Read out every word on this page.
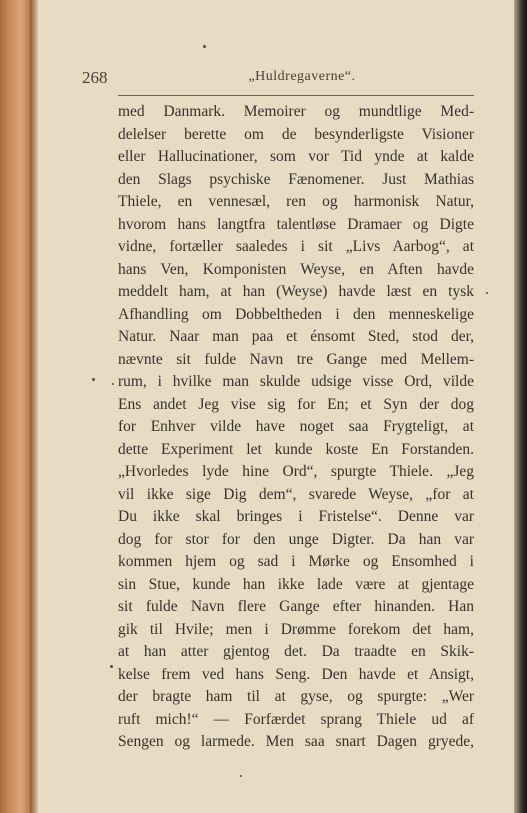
268	„Huldregaverne“.
med Danmark. Memoirer og mundtlige Med-
delelser berette om de besynderligste Visioner
eller Hallucinationer, som vor Tid ynde at kalde
den Slags psychiske Fænomener. Just Mathias
Thiele, en vennesæl, ren og harmonisk Natur,
hvorom hans langtfra talentløse Dramaer og Digte
vidne, fortæller saaledes i sit „Livs Aarbog“, at
hans Ven, Komponisten Weyse, en Aften havde
meddelt ham, at han (Weyse) havde læst en tysk
Afhandling om Dobbeltheden i den menneskelige
Natur. Naar man paa et énsomt Sted, stod der,
nævnte sit fulde Navn tre Gange med Mellem-
rum, i hvilke man skulde udsige visse Ord, vilde
Ens andet Jeg vise sig for En; et Syn der dog
for Enhver vilde have noget saa Frygteligt, at
dette Experiment let kunde koste En Forstanden.
„Hvorledes lyde hine Ord“, spurgte Thiele. „Jeg
vil ikke sige Dig dem“, svarede Weyse, „for at
Du ikke skal bringes i Fristelse“. Denne var
dog for stor for den unge Digter. Da han var
kommen hjem og sad i Mørke og Ensomhed i
sin Stue, kunde han ikke lade være at gjentage
sit fulde Navn flere Gange efter hinanden. Han
gik til Hvile; men i Drømme forekom det ham,
at han atter gjentog det. Da traadte en Skik-
kelse frem ved hans Seng. Den havde et Ansigt,
der bragte ham til at gyse, og spurgte: „Wer
ruft mich!“ — Forfærdet sprang Thiele ud af
Sengen og larmede. Men saa snart Dagen gryede,
